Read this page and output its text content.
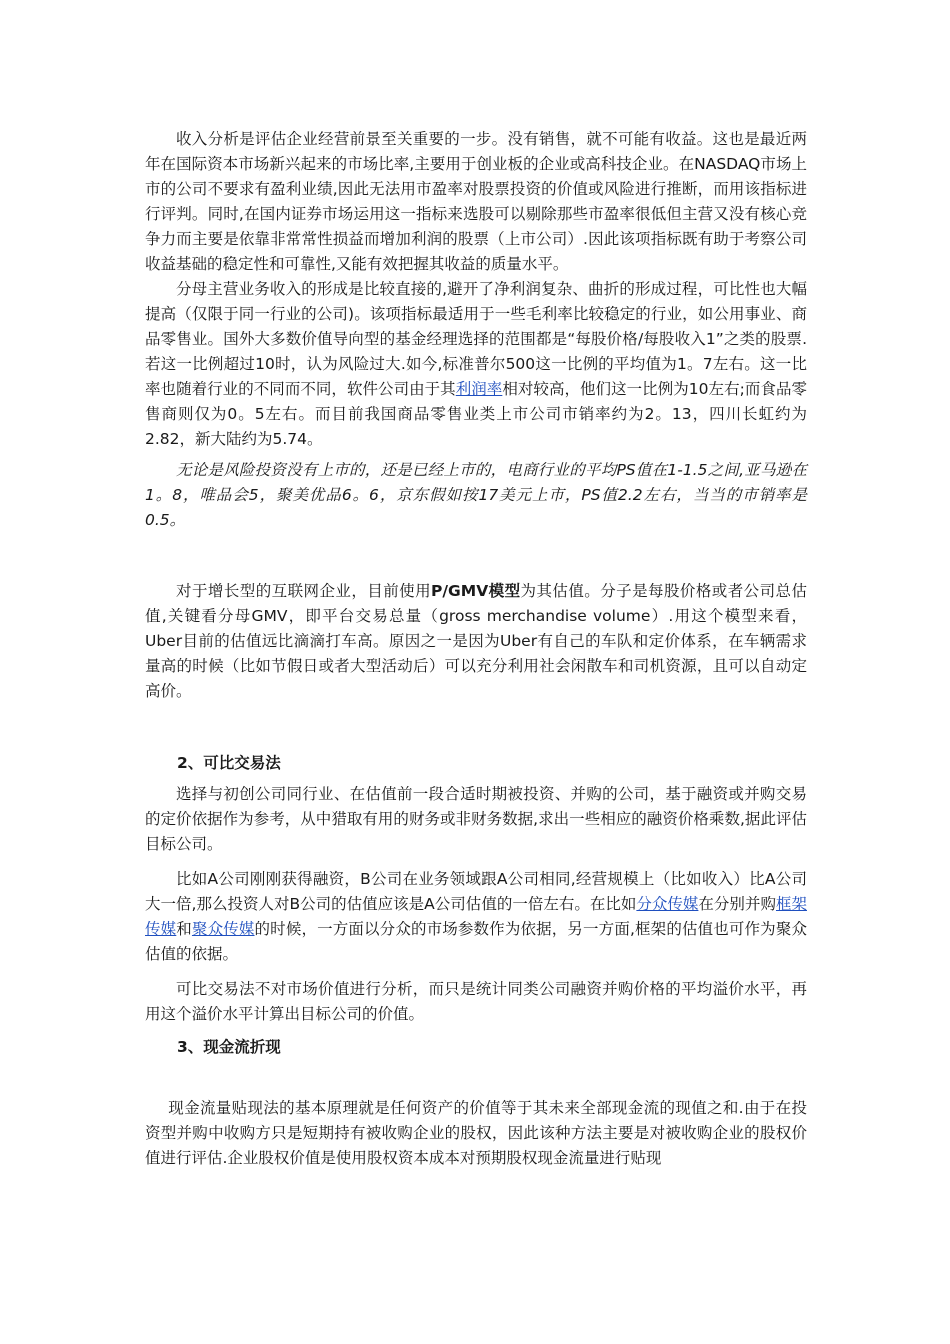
收入分析是评估企业经营前景至关重要的一步。没有销售，就不可能有收益。这也是最近两年在国际资本市场新兴起来的市场比率,主要用于创业板的企业或高科技企业。在NASDAQ市场上市的公司不要求有盈利业绩,因此无法用市盈率对股票投资的价值或风险进行推断，而用该指标进行评判。同时,在国内证券市场运用这一指标来选股可以剔除那些市盈率很低但主营又没有核心竞争力而主要是依靠非常常性损益而增加利润的股票（上市公司）.因此该项指标既有助于考察公司收益基础的稳定性和可靠性,又能有效把握其收益的质量水平。

分母主营业务收入的形成是比较直接的,避开了净利润复杂、曲折的形成过程，可比性也大幅提高（仅限于同一行业的公司)。该项指标最适用于一些毛利率比较稳定的行业，如公用事业、商品零售业。国外大多数价值导向型的基金经理选择的范围都是“每股价格/每股收入1”之类的股票.若这一比例超过10时，认为风险过大.如今,标准普尔500这一比例的平均值为1。7左右。这一比率也随着行业的不同而不同，软件公司由于其利润率相对较高，他们这一比例为10左右;而食品零售商则仅为0。5左右。而目前我国商品零售业类上市公司市销率约为2。13，四川长虹约为2.82，新大陆约为5.74。

无论是风险投资没有上市的，还是已经上市的，电商行业的平均PS值在1-1.5之间,亚马逊在1。8，唯品会5，聚美优品6。6，京东假如按17美元上市，PS值2.2左右，当当的市销率是0.5。

对于增长型的互联网企业，目前使用P/GMV模型为其估值。分子是每股价格或者公司总估值,关键看分母GMV，即平台交易总量（gross merchandise volume）.用这个模型来看，Uber目前的估值远比滴滴打车高。原因之一是因为Uber有自己的车队和定价体系，在车辆需求量高的时候（比如节假日或者大型活动后）可以充分利用社会闲散车和司机资源，且可以自动定高价。

2、可比交易法

选择与初创公司同行业、在估值前一段合适时期被投资、并购的公司，基于融资或并购交易的定价依据作为参考，从中猎取有用的财务或非财务数据,求出一些相应的融资价格乘数,据此评估目标公司。

比如A公司刚刚获得融资，B公司在业务领域跟A公司相同,经营规模上（比如收入）比A公司大一倍,那么投资人对B公司的估值应该是A公司估值的一倍左右。在比如分众传媒在分别并购框架传媒和聚众传媒的时候，一方面以分众的市场参数作为依据，另一方面,框架的估值也可作为聚众估值的依据。

可比交易法不对市场价值进行分析，而只是统计同类公司融资并购价格的平均溢价水平，再用这个溢价水平计算出目标公司的价值。

3、现金流折现

现金流量贴现法的基本原理就是任何资产的价值等于其未来全部现金流的现值之和.由于在投资型并购中收购方只是短期持有被收购企业的股权，因此该种方法主要是对被收购企业的股权价值进行评估.企业股权价值是使用股权资本成本对预期股权现金流量进行贴现
